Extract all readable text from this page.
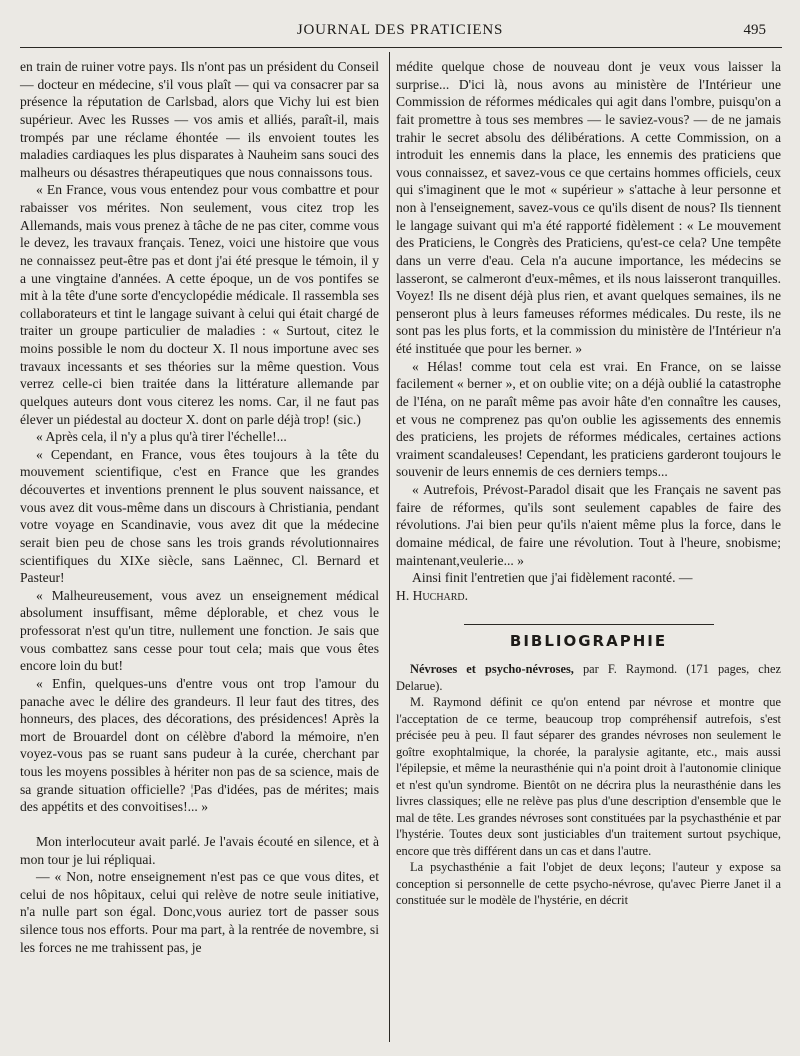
JOURNAL DES PRATICIENS	495

en train de ruiner votre pays. Ils n'ont pas un président du Conseil — docteur en médecine, s'il vous plaît — qui va consacrer par sa présence la réputation de Carlsbad, alors que Vichy lui est bien supérieur. Avec les Russes — vos amis et alliés, paraît-il, mais trompés par une réclame éhontée — ils envoient toutes les maladies cardiaques les plus disparates à Nauheim sans souci des malheurs ou désastres thérapeutiques que nous connaissons tous.

« En France, vous vous entendez pour vous combattre et pour rabaisser vos mérites. Non seulement, vous citez trop les Allemands, mais vous prenez à tâche de ne pas citer, comme vous le devez, les travaux français. Tenez, voici une histoire que vous ne connaissez peut-être pas et dont j'ai été presque le témoin, il y a une vingtaine d'années. A cette époque, un de vos pontifes se mit à la tête d'une sorte d'encyclopédie médicale. Il rassembla ses collaborateurs et tint le langage suivant à celui qui était chargé de traiter un groupe particulier de maladies : « Surtout, citez le moins possible le nom du docteur X. Il nous importune avec ses travaux incessants et ses théories sur la même question. Vous verrez celle-ci bien traitée dans la littérature allemande par quelques auteurs dont vous citerez les noms. Car, il ne faut pas élever un piédestal au docteur X. dont on parle déjà trop! (sic.)

« Après cela, il n'y a plus qu'à tirer l'échelle!...

« Cependant, en France, vous êtes toujours à la tête du mouvement scientifique, c'est en France que les grandes découvertes et inventions prennent le plus souvent naissance, et vous avez dit vous-même dans un discours à Christiania, pendant votre voyage en Scandinavie, vous avez dit que la médecine serait bien peu de chose sans les trois grands révolutionnaires scientifiques du XIXe siècle, sans Laënnec, Cl. Bernard et Pasteur!

« Malheureusement, vous avez un enseignement médical absolument insuffisant, même déplorable, et chez vous le professorat n'est qu'un titre, nullement une fonction. Je sais que vous combattez sans cesse pour tout cela; mais que vous êtes encore loin du but!

« Enfin, quelques-uns d'entre vous ont trop l'amour du panache avec le délire des grandeurs. Il leur faut des titres, des honneurs, des places, des décorations, des présidences! Après la mort de Brouardel dont on célèbre d'abord la mémoire, n'en voyez-vous pas se ruant sans pudeur à la curée, cherchant par tous les moyens possibles à hériter non pas de sa science, mais de sa grande situation officielle? ¦Pas d'idées, pas de mérites; mais des appétits et des convoitises!... »

Mon interlocuteur avait parlé. Je l'avais écouté en silence, et à mon tour je lui répliquai.

— « Non, notre enseignement n'est pas ce que vous dites, et celui de nos hôpitaux, celui qui relève de notre seule initiative, n'a nulle part son égal. Donc,vous auriez tort de passer sous silence tous nos efforts. Pour ma part, à la rentrée de novembre, si les forces ne me trahissent pas, je

médite quelque chose de nouveau dont je veux vous laisser la surprise... D'ici là, nous avons au ministère de l'Intérieur une Commission de réformes médicales qui agit dans l'ombre, puisqu'on a fait promettre à tous ses membres — le saviez-vous? — de ne jamais trahir le secret absolu des délibérations. A cette Commission, on a introduit les ennemis dans la place, les ennemis des praticiens que vous connaissez, et savez-vous ce que certains hommes officiels, ceux qui s'imaginent que le mot « supérieur » s'attache à leur personne et non à l'enseignement, savez-vous ce qu'ils disent de nous? Ils tiennent le langage suivant qui m'a été rapporté fidèlement : « Le mouvement des Praticiens, le Congrès des Praticiens, qu'est-ce cela? Une tempête dans un verre d'eau. Cela n'a aucune importance, les médecins se lasseront, se calmeront d'eux-mêmes, et ils nous laisseront tranquilles. Voyez! Ils ne disent déjà plus rien, et avant quelques semaines, ils ne penseront plus à leurs fameuses réformes médicales. Du reste, ils ne sont pas les plus forts, et la commission du ministère de l'Intérieur n'a été instituée que pour les berner. »

« Hélas! comme tout cela est vrai. En France, on se laisse facilement « berner », et on oublie vite; on a déjà oublié la catastrophe de l'Iéna, on ne paraît même pas avoir hâte d'en connaître les causes, et vous ne comprenez pas qu'on oublie les agissements des ennemis des praticiens, les projets de réformes médicales, certaines actions vraiment scandaleuses! Cependant, les praticiens garderont toujours le souvenir de leurs ennemis de ces derniers temps...

« Autrefois, Prévost-Paradol disait que les Français ne savent pas faire de réformes, qu'ils sont seulement capables de faire des révolutions. J'ai bien peur qu'ils n'aient même plus la force, dans le domaine médical, de faire une révolution. Tout à l'heure, snobisme; maintenant,veulerie... »

Ainsi finit l'entretien que j'ai fidèlement raconté. —

H. Huchard.

BIBLIOGRAPHIE

Névroses et psycho-névroses, par F. Raymond. (171 pages, chez Delarue).

M. Raymond définit ce qu'on entend par névrose et montre que l'acceptation de ce terme, beaucoup trop compréhensif autrefois, s'est précisée peu à peu. Il faut séparer des grandes névroses non seulement le goître exophtalmique, la chorée, la paralysie agitante, etc., mais aussi l'épilepsie, et même la neurasthénie qui n'a point droit à l'autonomie clinique et n'est qu'un syndrome. Bientôt on ne décrira plus la neurasthénie dans les livres classiques; elle ne relève pas plus d'une description d'ensemble que le mal de tête. Les grandes névroses sont constituées par la psychasthénie et par l'hystérie. Toutes deux sont justiciables d'un traitement surtout psychique, encore que très différent dans un cas et dans l'autre.

La psychasthénie a fait l'objet de deux leçons; l'auteur y expose sa conception si personnelle de cette psycho-névrose, qu'avec Pierre Janet il a constituée sur le modèle de l'hystérie, en décrit
